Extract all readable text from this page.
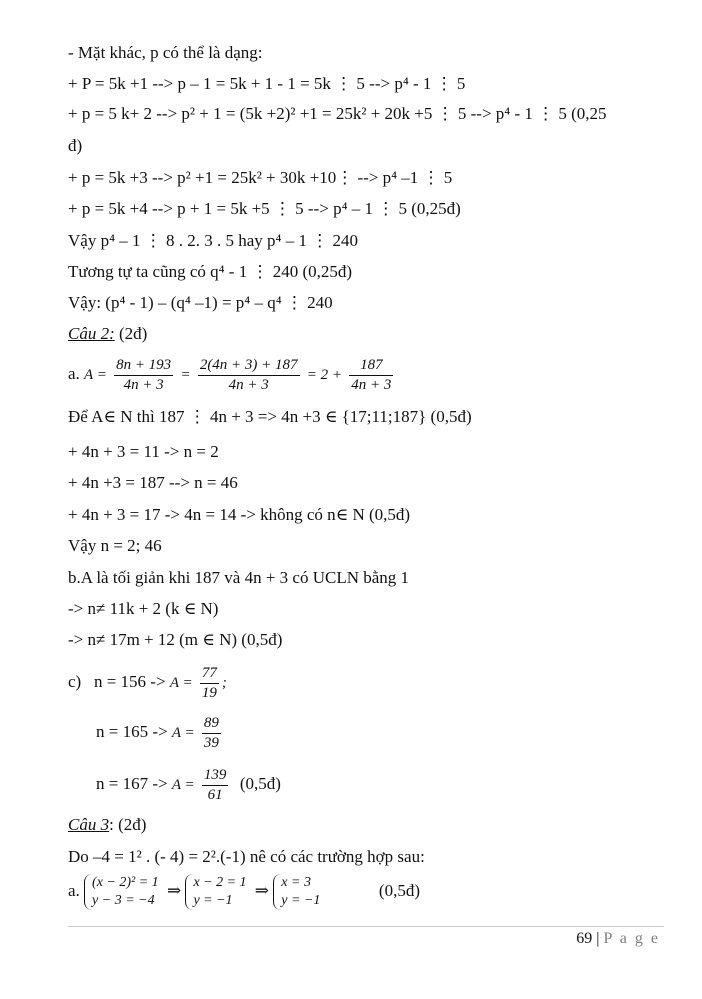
- Mặt khác, p có thể là dạng:
+ P = 5k +1 --> p – 1 = 5k + 1 - 1 = 5k ⋮ 5 --> p⁴ - 1 ⋮ 5
+ p = 5 k+ 2 --> p² + 1 = (5k +2)² +1 = 25k² + 20k +5 ⋮ 5 --> p⁴ - 1 ⋮ 5 (0,25
đ)
+ p = 5k +3 --> p² +1 = 25k² + 30k +10⋮ --> p⁴ –1 ⋮ 5
+ p = 5k +4 --> p + 1 = 5k +5 ⋮ 5 --> p⁴ – 1 ⋮ 5 (0,25đ)
Vậy p⁴ – 1 ⋮ 8 . 2. 3 . 5 hay p⁴ – 1 ⋮ 240
Tương tự ta cũng có q⁴ - 1 ⋮ 240 (0,25đ)
Vậy: (p⁴ - 1) – (q⁴ –1) = p⁴ – q⁴ ⋮ 240
Câu 2: (2đ)
a. $A = \frac{8n + 193}{4n + 3} = \frac{2(4n + 3) + 187}{4n + 3} = 2 + \frac{187}{4n + 3}$
Để A∈ N thì 187 ⋮ 4n + 3 => 4n +3 ∈ {17;11;187} (0,5đ)
+ 4n + 3 = 11 -> n = 2
+ 4n +3 = 187 --> n = 46
+ 4n + 3 = 17 -> 4n = 14 -> không có n∈ N (0,5đ)
Vậy n = 2; 46
b.A là tối giản khi 187 và 4n + 3 có UCLN bằng 1
-> n≠ 11k + 2 (k ∈ N)
-> n≠ 17m + 12 (m ∈ N) (0,5đ)
c) $n = 156 -> A = \frac{77}{19}$ ;
$n = 165 -> A = \frac{89}{39}$
$n = 167 -> A = \frac{139}{61}$ (0,5đ)
Câu 3: (2đ)
Do –4 = 1² . (- 4) = 2².(-1) nê có các trường hợp sau:
a. (x − 2)² = 1
y − 3 = −4
⇒ x − 2 = 1
y = −1
⇒ x = 3
y = −1
(0,5đ)
69 | P a g e
